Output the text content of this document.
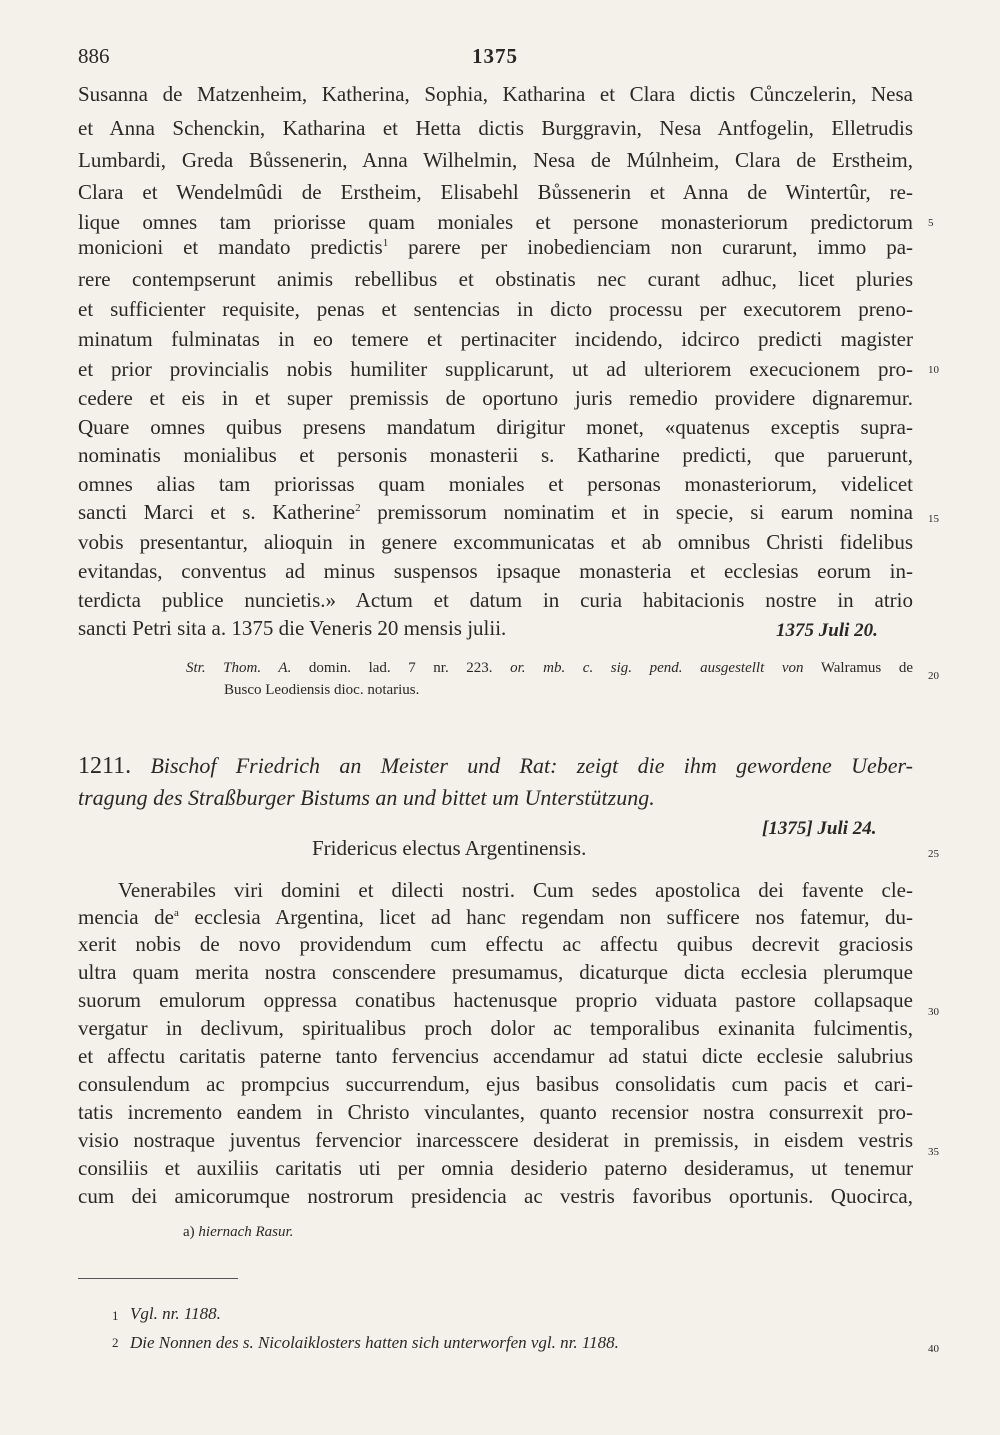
886	1375
Susanna de Matzenheim, Katherina, Sophia, Katharina et Clara dictis Cůnczelerin, Nesa
et Anna Schenckin, Katharina et Hetta dictis Burggravin, Nesa Antfogelin, Elletrudis
Lumbardi, Greda Bůssenerin, Anna Wilhelmin, Nesa de Múlnheim, Clara de Erstheim,
Clara et Wendelmûdi de Erstheim, Elisabehl Bůssenerin et Anna de Wintertûr, re-
lique omnes tam priorisse quam moniales et persone monasteriorum predictorum
monicioni et mandato predictis$^1$ parere per inobedienciam non curarunt, immo pa-
rere contempserunt animis rebellibus et obstinatis nec curant adhuc, licet pluries
et sufficienter requisite, penas et sentencias in dicto processu per executorem preno-
minatum fulminatas in eo temere et pertinaciter incidendo, idcirco predicti magister
et prior provincialis nobis humiliter supplicarunt, ut ad ulteriorem execucionem pro-
cedere et eis in et super premissis de oportuno juris remedio providere dignaremur.
Quare omnes quibus presens mandatum dirigitur monet, «quatenus exceptis supra-
nominatis monialibus et personis monasterii s. Katharine predicti, que paruerunt,
omnes alias tam priorissas quam moniales et personas monasteriorum, videlicet
sancti Marci et s. Katherine$^2$ premissorum nominatim et in specie, si earum nomina
vobis presentantur, alioquin in genere excommunicatas et ab omnibus Christi fidelibus
evitandas, conventus ad minus suspensos ipsaque monasteria et ecclesias eorum in-
terdicta publice nuncietis.» Actum et datum in curia habitacionis nostre in atrio
sancti Petri sita a. 1375 die Veneris 20 mensis julii.	1375 Juli 20.
Str. Thom. A. domin. lad. 7 nr. 223. or. mb. c. sig. pend. ausgestellt von Walramus de
Busco Leodiensis dioc. notarius.
1211. Bischof Friedrich an Meister und Rat: zeigt die ihm gewordene Ueber-
tragung des Straßburger Bistums an und bittet um Unterstützung.
[1375] Juli 24.
Fridericus electus Argentinensis.
Venerabiles viri domini et dilecti nostri. Cum sedes apostolica dei favente cle-
mencia $de^a$ ecclesia Argentina, licet ad hanc regendam non sufficere nos fatemur, du-
xerit nobis de novo providendum cum effectu ac affectu quibus decrevit graciosis
ultra quam merita nostra conscendere presumamus, dicaturque dicta ecclesia plerumque
suorum emulorum oppressa conatibus hactenusque proprio viduata pastore collapsaque
vergatur in declivum, spiritualibus proch dolor ac temporalibus exinanita fulcimentis,
et affectu caritatis paterne tanto fervencius accendamur ad statui dicte ecclesie salubrius
consulendum ac prompcius succurrendum, ejus basibus consolidatis cum pacis et cari-
tatis incremento eandem in Christo vinculantes, quanto recensior nostra consurrexit pro-
visio nostraque juventus fervencior inarcesscere desiderat in premissis, in eisdem vestris
consiliis et auxiliis caritatis uti per omnia desiderio paterno desideramus, ut tenemur
cum dei amicorumque nostrorum presidencia ac vestris favoribus oportunis. Quocirca,
a) hiernach Rasur.
1 Vgl. nr. 1188.
2 Die Nonnen des s. Nicolaiklosters hatten sich unterworfen vgl. nr. 1188.
5
10
15
20
25
30
35
40
